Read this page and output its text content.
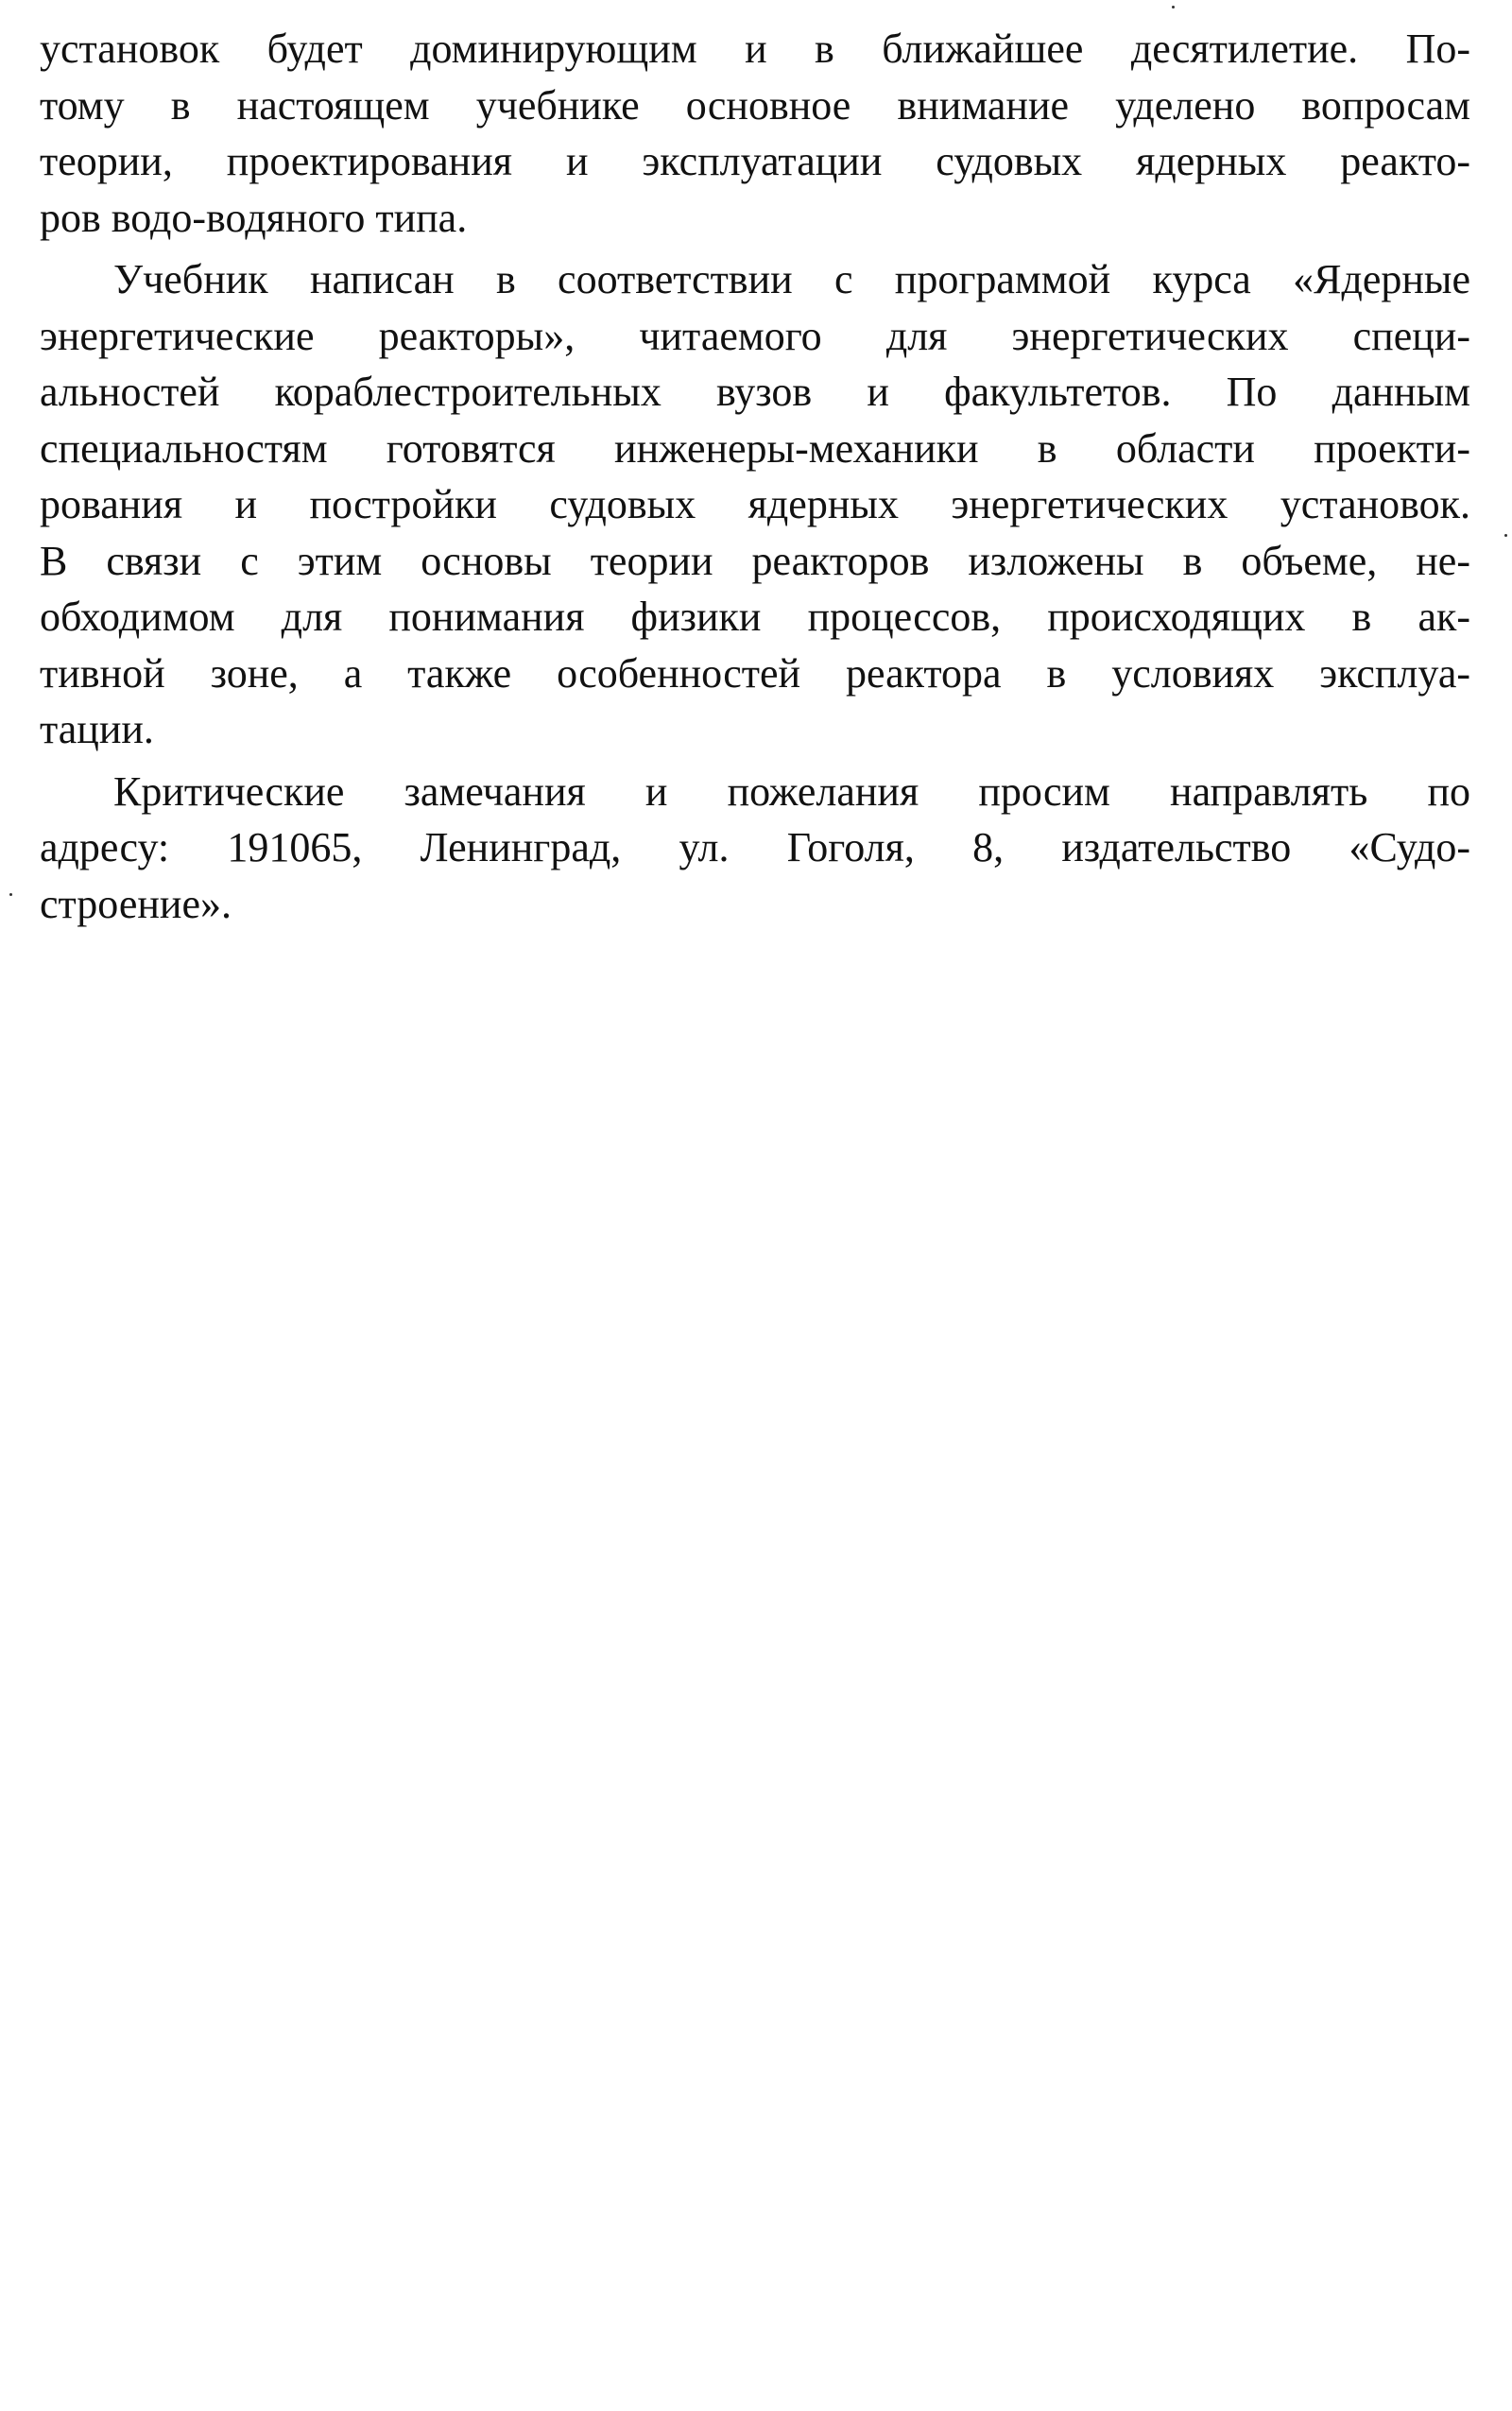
установок будет доминирующим и в ближайшее десятилетие. По-
тому в настоящем учебнике основное внимание уделено вопросам
теории, проектирования и эксплуатации судовых ядерных реакто-
ров водо-водяного типа.
Учебник написан в соответствии с программой курса «Ядерные
энергетические реакторы», читаемого для энергетических специ-
альностей кораблестроительных вузов и факультетов. По данным
специальностям готовятся инженеры-механики в области проекти-
рования и постройки судовых ядерных энергетических установок.
В связи с этим основы теории реакторов изложены в объеме, не-
обходимом для понимания физики процессов, происходящих в ак-
тивной зоне, а также особенностей реактора в условиях эксплуа-
тации.
Критические замечания и пожелания просим направлять по
адресу: 191065, Ленинград, ул. Гоголя, 8, издательство «Судо-
строение».
